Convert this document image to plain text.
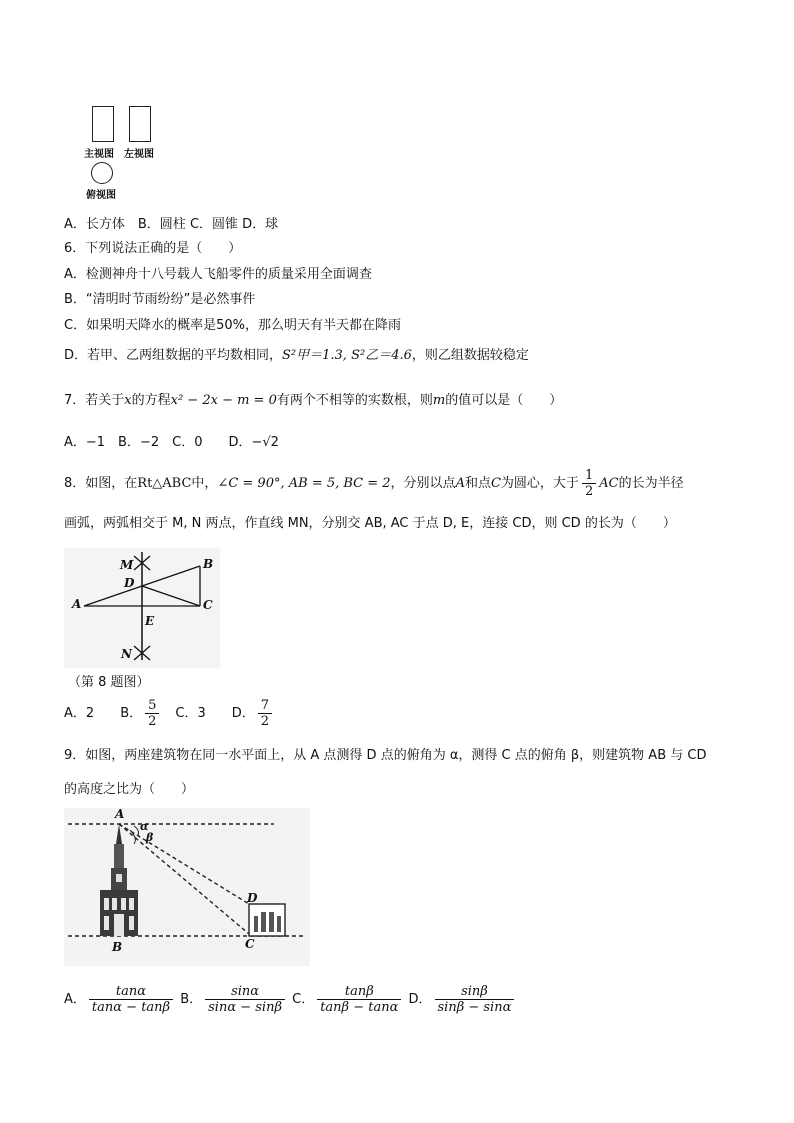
主视图 左视图
俯视图
A．长方体　B．圆柱 C．圆锥 D．球
6．下列说法正确的是（　　）
A．检测神舟十八号载人飞船零件的质量采用全面调查
B．“清明时节雨纷纷”是必然事件
C．如果明天降水的概率是50%，那么明天有半天都在降雨
D．若甲、乙两组数据的平均数相同，S²甲＝1.3, S²乙＝4.6，则乙组数据较稳定
7．若关于x的方程x² − 2x − m = 0有两个不相等的实数根，则m的值可以是（　　）
A．−1　B．−2　C．0　　D．−√2
8．如图，在Rt△ABC中，∠C = 90°, AB = 5, BC = 2，分别以点A和点C为圆心，大于 $\frac{1}{2}$ AC的长为半径
画弧，两弧相交于 M, N 两点，作直线 MN，分别交 AB, AC 于点 D, E，连接 CD，则 CD 的长为（　　）
M
D
B
A	C
E
N
（第 8 题图）
A．2　　 B． $\frac{5}{2}$
　 C．3　　 D． $\frac{7}{2}$
9．如图，两座建筑物在同一水平面上，从 A 点测得 D 点的俯角为 α，测得 C 点的俯角 β，则建筑物 AB 与 CD
的高度之比为（　　）
A
α
β
D
B	C
A． $\frac{\tan\alpha}{\tan\alpha - \tan\beta}$ B． $\frac{\sin\alpha}{\sin\alpha - \sin\beta}$ C． $\frac{\tan\beta}{\tan\beta - \tan\alpha}$ D． $\frac{\sin\beta}{\sin\beta - \sin\alpha}$
